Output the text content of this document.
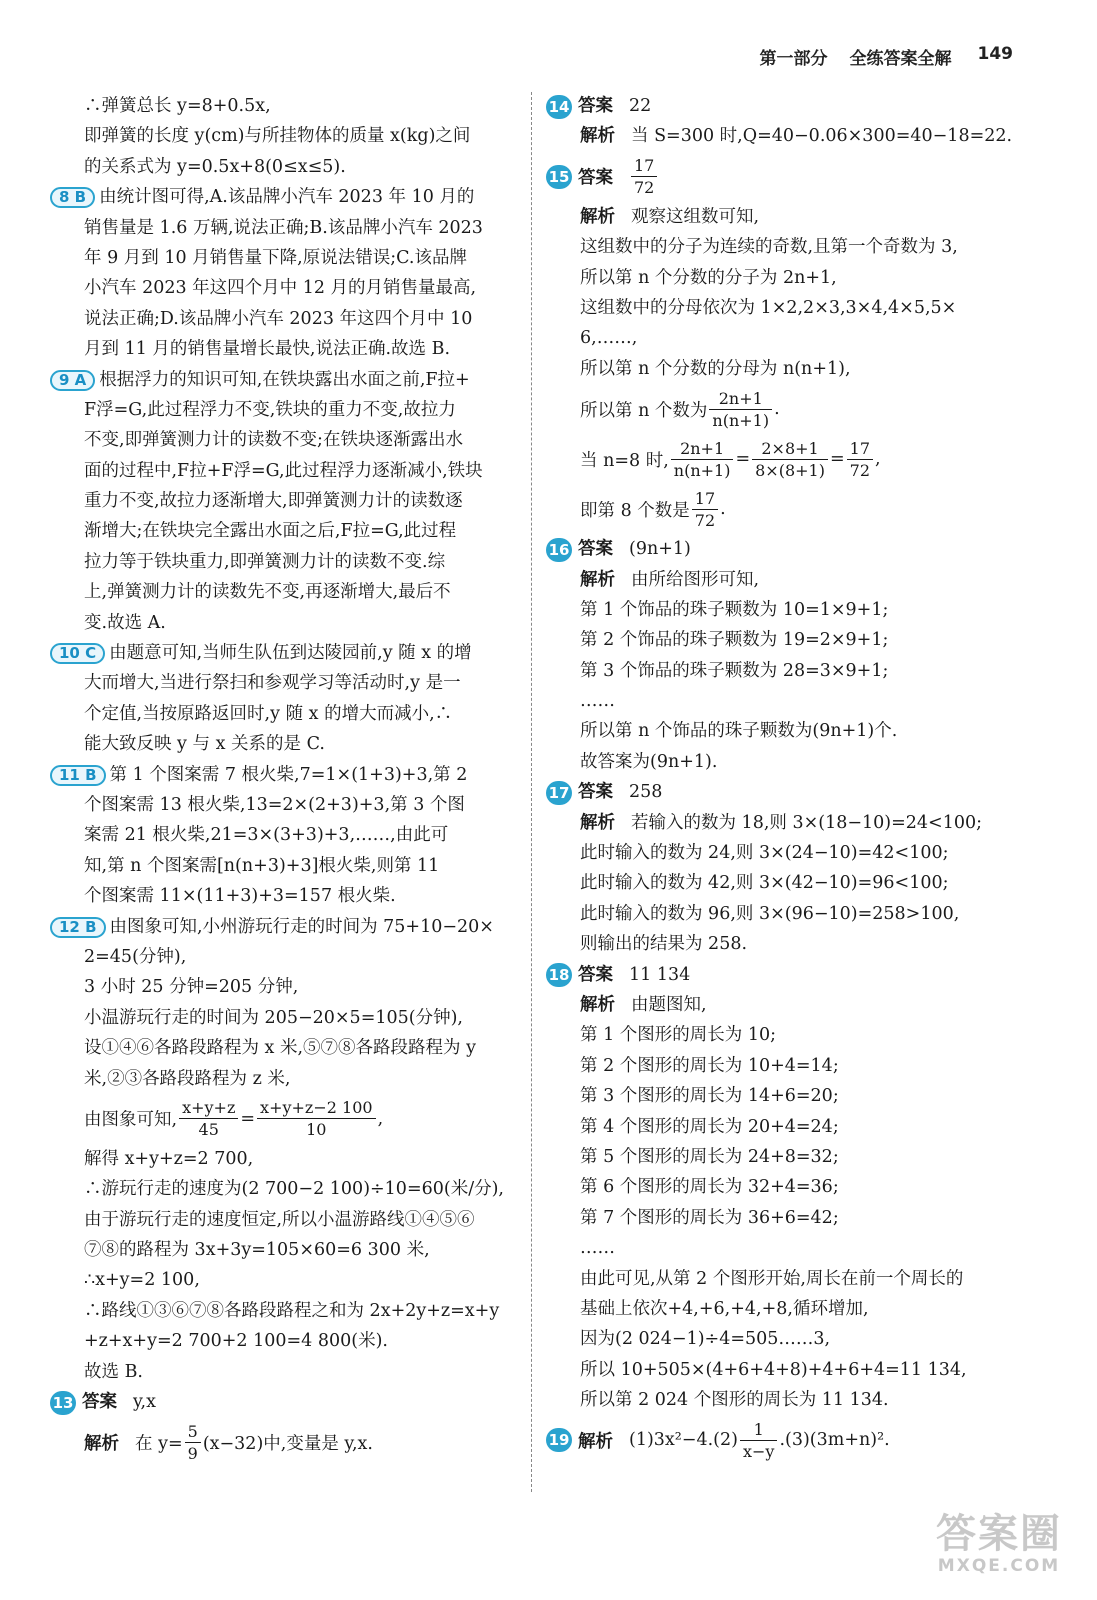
第一部分 全练答案全解 149
∴弹簧总长 y=8+0.5x,
即弹簧的长度 y(cm)与所挂物体的质量 x(kg)之间
的关系式为 y=0.5x+8(0≤x≤5).
8 B 由统计图可得,A.该品牌小汽车 2023 年 10 月的
销售量是 1.6 万辆,说法正确;B.该品牌小汽车 2023
年 9 月到 10 月销售量下降,原说法错误;C.该品牌
小汽车 2023 年这四个月中 12 月的月销售量最高,
说法正确;D.该品牌小汽车 2023 年这四个月中 10
月到 11 月的销售量增长最快,说法正确.故选 B.
9 A 根据浮力的知识可知,在铁块露出水面之前,F拉+
F浮=G,此过程浮力不变,铁块的重力不变,故拉力
不变,即弹簧测力计的读数不变;在铁块逐渐露出水
面的过程中,F拉+F浮=G,此过程浮力逐渐减小,铁块
重力不变,故拉力逐渐增大,即弹簧测力计的读数逐
渐增大;在铁块完全露出水面之后,F拉=G,此过程
拉力等于铁块重力,即弹簧测力计的读数不变.综
上,弹簧测力计的读数先不变,再逐渐增大,最后不
变.故选 A.
10 C 由题意可知,当师生队伍到达陵园前,y 随 x 的增
大而增大,当进行祭扫和参观学习等活动时,y 是一
个定值,当按原路返回时,y 随 x 的增大而减小,∴
能大致反映 y 与 x 关系的是 C.
11 B 第 1 个图案需 7 根火柴,7=1×(1+3)+3,第 2
个图案需 13 根火柴,13=2×(2+3)+3,第 3 个图
案需 21 根火柴,21=3×(3+3)+3,……,由此可
知,第 n 个图案需[n(n+3)+3]根火柴,则第 11
个图案需 11×(11+3)+3=157 根火柴.
12 B 由图象可知,小州游玩行走的时间为 75+10−20×
2=45(分钟),
3 小时 25 分钟=205 分钟,
小温游玩行走的时间为 205−20×5=105(分钟),
设①④⑥各路段路程为 x 米,⑤⑦⑧各路段路程为 y
米,②③各路段路程为 z 米,
由图象可知, $\frac{x+y+z}{45} = \frac{x+y+z-2 100}{10}$ ,
解得 x+y+z=2 700,
∴游玩行走的速度为(2 700−2 100)÷10=60(米/分),
由于游玩行走的速度恒定,所以小温游路线①④⑤⑥
⑦⑧的路程为 3x+3y=105×60=6 300 米,
∴x+y=2 100,
∴路线①③⑥⑦⑧各路段路程之和为 2x+2y+z=x+y
+z+x+y=2 700+2 100=4 800(米).
故选 B.
13 答案 y,x
解析 在 $y= \frac{5}{9} (x-32)$中,变量是 y,x.
14 答案 22
解析 当 S=300 时,Q=40−0.06×300=40−18=22.
15 答案 $\frac{17}{72}$
解析 观察这组数可知,
这组数中的分子为连续的奇数,且第一个奇数为 3,
所以第 n 个分数的分子为 2n+1,
这组数中的分母依次为 1×2,2×3,3×4,4×5,5×
6,……,
所以第 n 个分数的分母为 n(n+1),
所以第 n 个数为 $\frac{2n+1}{n(n+1)}$ .
当 n=8 时, $\frac{2n+1}{n(n+1)} = \frac{2\times 8+1}{8\times(8+1)} = \frac{17}{72}$ ,
即第 8 个数是 $\frac{17}{72}$ .
16 答案 (9n+1)
解析 由所给图形可知,
第 1 个饰品的珠子颗数为 10=1×9+1;
第 2 个饰品的珠子颗数为 19=2×9+1;
第 3 个饰品的珠子颗数为 28=3×9+1;
……
所以第 n 个饰品的珠子颗数为(9n+1)个.
故答案为(9n+1).
17 答案 258
解析 若输入的数为 18,则 3×(18−10)=24<100;
此时输入的数为 24,则 3×(24−10)=42<100;
此时输入的数为 42,则 3×(42−10)=96<100;
此时输入的数为 96,则 3×(96−10)=258>100,
则输出的结果为 258.
18 答案 11 134
解析 由题图知,
第 1 个图形的周长为 10;
第 2 个图形的周长为 10+4=14;
第 3 个图形的周长为 14+6=20;
第 4 个图形的周长为 20+4=24;
第 5 个图形的周长为 24+8=32;
第 6 个图形的周长为 32+4=36;
第 7 个图形的周长为 36+6=42;
……
由此可见,从第 2 个图形开始,周长在前一个周长的
基础上依次+4,+6,+4,+8,循环增加,
因为(2 024−1)÷4=505……3,
所以 10+505×(4+6+4+8)+4+6+4=11 134,
所以第 2 024 个图形的周长为 11 134.
19 解析 $(1)3x^2-4.(2) \frac{1}{x-y} .(3)(3m+n)^2$.
答案圈
MXQE.COM
